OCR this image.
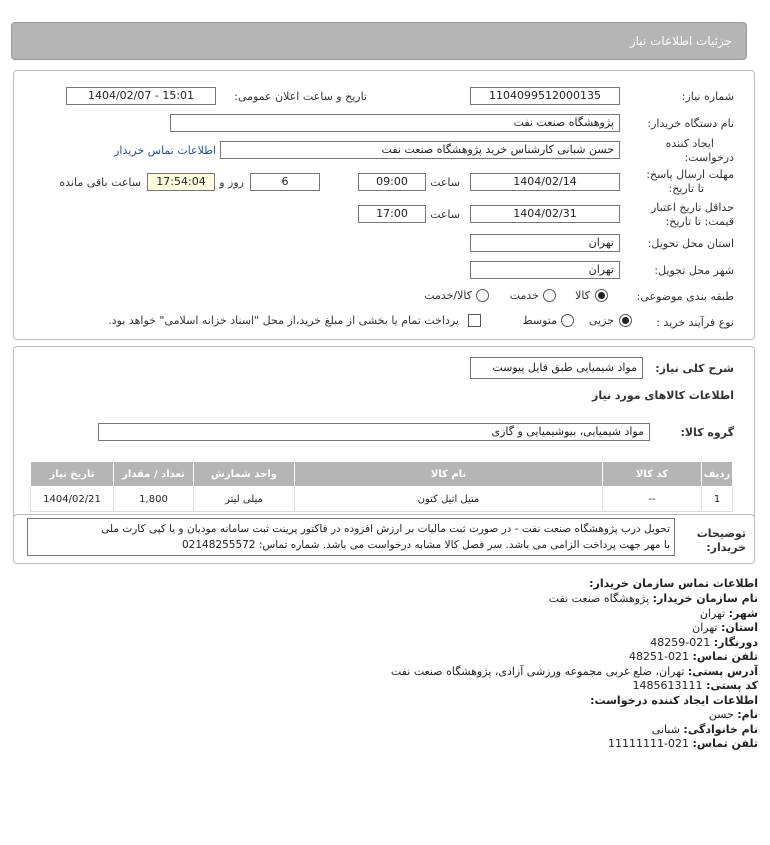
جزئیات اطلاعات نیاز
شماره نیاز:
1104099512000135
تاریخ و ساعت اعلان عمومی:
1404/02/07 - 15:01
نام دستگاه خریدار:
پژوهشگاه صنعت نفت
ایجاد کننده
درخواست:
حسن شبانی کارشناس خرید پژوهشگاه صنعت نفت
اطلاعات تماس خریدار
مهلت ارسال پاسخ:
تا تاریخ:
1404/02/14
ساعت
09:00
6
روز و
17:54:04
ساعت باقی مانده
حداقل تاریخ اعتبار
قیمت: تا تاریخ:
1404/02/31
ساعت
17:00
استان محل تحویل:
تهران
شهر محل تحویل:
تهران
طبقه بندی موضوعی:
کالا
خدمت
کالا/خدمت
نوع فرآیند خرید :
جزیی
متوسط
پرداخت تمام یا بخشی از مبلغ خرید،از محل "اسناد خزانه اسلامی" خواهد بود.
شرح کلی نیاز:
مواد شیمیایی طبق فایل پیوست
اطلاعات کالاهای مورد نیاز
گروه کالا:
مواد شیمیایی، بیوشیمیایی و گازی
ردیف	کد کالا	نام کالا	واحد شمارش	تعداد / مقدار	تاریخ نیاز
1	--	متیل اتیل کتون	میلی لیتر	1,800	1404/02/21
توضیحات
خریدار:
تحویل درب پژوهشگاه صنعت نفت - در صورت ثبت مالیات بر ارزش افزوده در فاکتور پرینت ثبت سامانه مودیان و یا کپی کارت ملی
با مهر جهت پرداخت الزامی می باشد. سر فصل کالا مشابه درخواست می باشد. شماره تماس: 02148255572
اطلاعات تماس سازمان خریدار:
نام سازمان خریدار: پژوهشگاه صنعت نفت
شهر: تهران
استان: تهران
دورنگار: 021-48259
تلفن تماس: 021-48251
آدرس پستی: تهران، ضلع غربی مجموعه ورزشی آزادی، پژوهشگاه صنعت نفت
کد پستی: 1485613111
اطلاعات ایجاد کننده درخواست:
نام: حسن
نام خانوادگی: شبانی
تلفن تماس: 021-11111111
